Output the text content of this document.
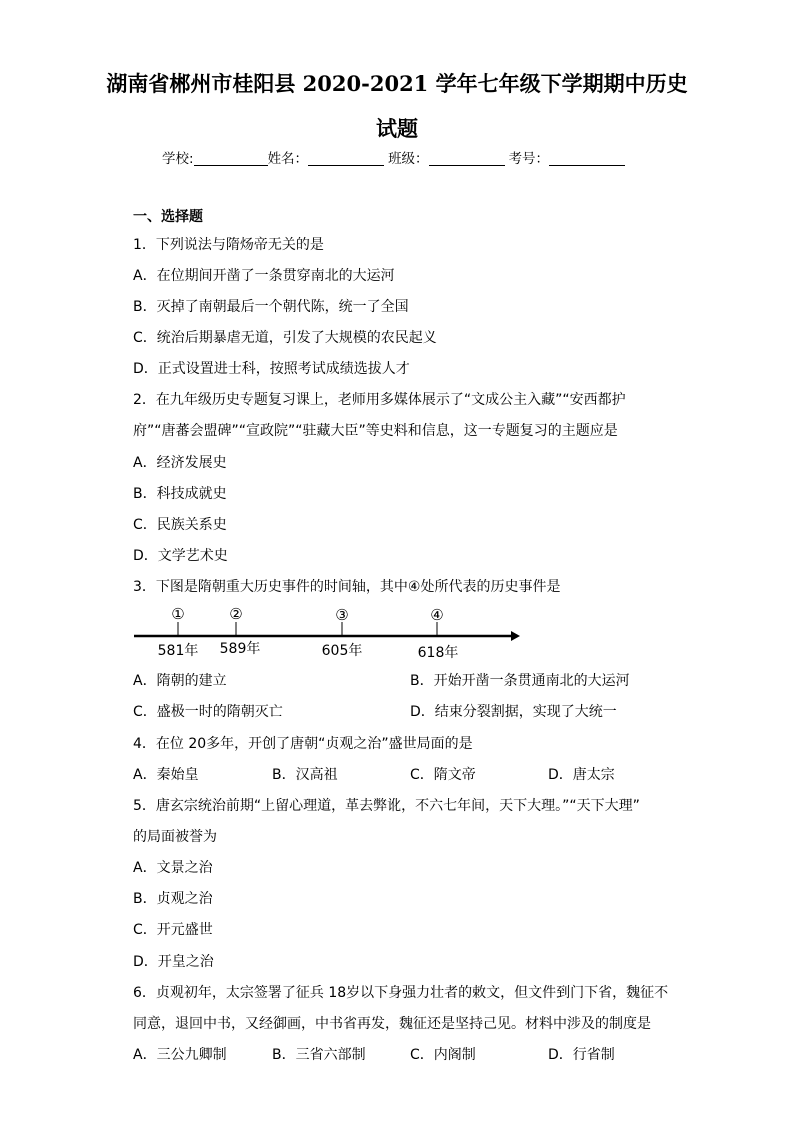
湖南省郴州市桂阳县 2020-2021 学年七年级下学期期中历史
试题
学校:	姓名：	班级：	考号：
一、选择题
1．下列说法与隋炀帝无关的是
A．在位期间开凿了一条贯穿南北的大运河
B．灭掉了南朝最后一个朝代陈，统一了全国
C．统治后期暴虐无道，引发了大规模的农民起义
D．正式设置进士科，按照考试成绩选拔人才
2．在九年级历史专题复习课上，老师用多媒体展示了“文成公主入藏”“安西都护
府”“唐蕃会盟碑”“宣政院”“驻藏大臣”等史料和信息，这一专题复习的主题应是
A．经济发展史
B．科技成就史
C．民族关系史
D．文学艺术史
3．下图是隋朝重大历史事件的时间轴，其中④处所代表的历史事件是
①	②	③	④
581年 589年	605年	618年
A．隋朝的建立	B．开始开凿一条贯通南北的大运河
C．盛极一时的隋朝灭亡	D．结束分裂割据，实现了大统一
4．在位 20多年，开创了唐朝“贞观之治”盛世局面的是
A．秦始皇	B．汉高祖	C．隋文帝	D．唐太宗
5．唐玄宗统治前期“上留心理道，革去弊讹，不六七年间，天下大理。”“天下大理”
的局面被誉为
A．文景之治
B．贞观之治
C．开元盛世
D．开皇之治
6．贞观初年，太宗签署了征兵 18岁以下身强力壮者的敕文，但文件到门下省，魏征不
同意，退回中书，又经御画，中书省再发，魏征还是坚持己见。材料中涉及的制度是
A．三公九卿制	B．三省六部制	C．内阁制	D．行省制
